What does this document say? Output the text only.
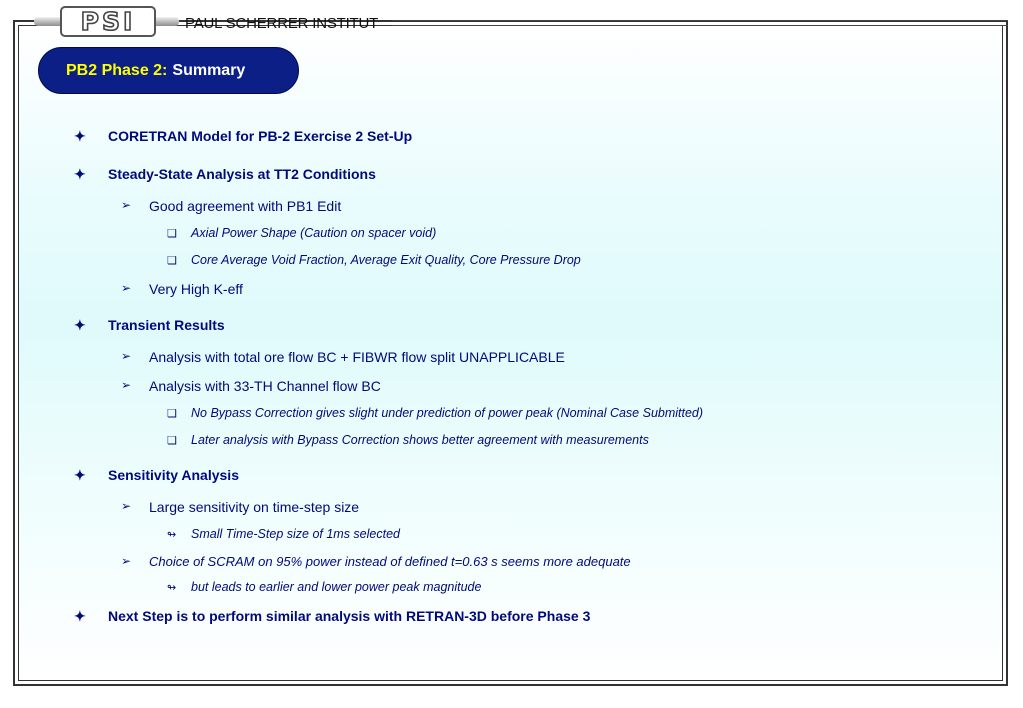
PSI	PAUL SCHERRER INSTITUT
PB2 Phase 2: Summary
✦ CORETRAN Model for PB-2 Exercise 2 Set-Up
✦ Steady-State Analysis at TT2 Conditions
➢ Good agreement with PB1 Edit
❑ Axial Power Shape (Caution on spacer void)
❑ Core Average Void Fraction, Average Exit Quality, Core Pressure Drop
➢ Very High K-eff
✦ Transient Results
➢ Analysis with total ore flow BC + FIBWR flow split UNAPPLICABLE
➢ Analysis with 33-TH Channel flow BC
❑ No Bypass Correction gives slight under prediction of power peak (Nominal Case Submitted)
❑ Later analysis with Bypass Correction shows better agreement with measurements
✦ Sensitivity Analysis
➢ Large sensitivity on time-step size
↬ Small Time-Step size of 1ms selected
➢ Choice of SCRAM on 95% power instead of defined t=0.63 s seems more adequate
↬ but leads to earlier and lower power peak magnitude
✦ Next Step is to perform similar analysis with RETRAN-3D before Phase 3
